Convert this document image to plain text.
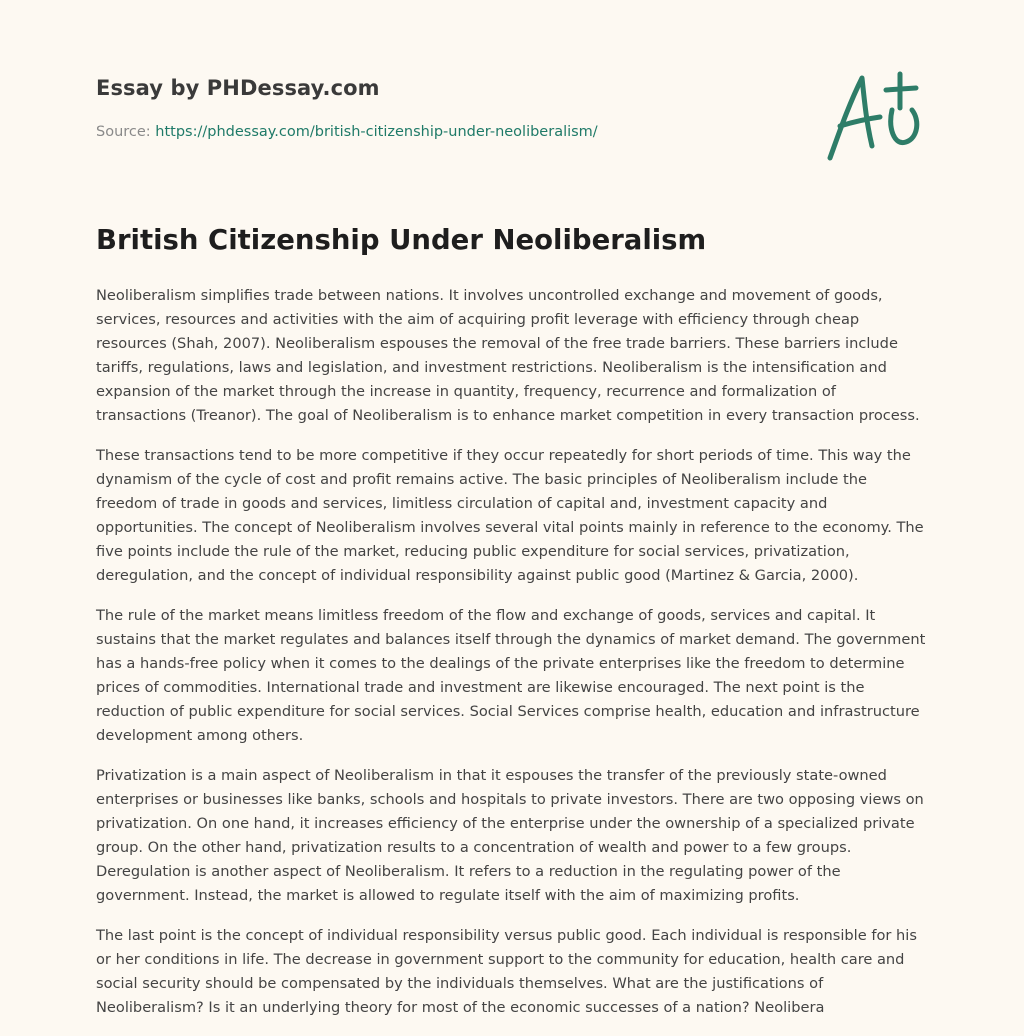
Essay by PHDessay.com
Source: https://phdessay.com/british-citizenship-under-neoliberalism/
British Citizenship Under Neoliberalism

Neoliberalism simplifies trade between nations. It involves uncontrolled exchange and movement of goods, services, resources and activities with the aim of acquiring profit leverage with efficiency through cheap resources (Shah, 2007). Neoliberalism espouses the removal of the free trade barriers. These barriers include tariffs, regulations, laws and legislation, and investment restrictions. Neoliberalism is the intensification and expansion of the market through the increase in quantity, frequency, recurrence and formalization of transactions (Treanor). The goal of Neoliberalism is to enhance market competition in every transaction process.

These transactions tend to be more competitive if they occur repeatedly for short periods of time. This way the dynamism of the cycle of cost and profit remains active. The basic principles of Neoliberalism include the freedom of trade in goods and services, limitless circulation of capital and, investment capacity and opportunities. The concept of Neoliberalism involves several vital points mainly in reference to the economy. The five points include the rule of the market, reducing public expenditure for social services, privatization, deregulation, and the concept of individual responsibility against public good (Martinez & Garcia, 2000).

The rule of the market means limitless freedom of the flow and exchange of goods, services and capital. It sustains that the market regulates and balances itself through the dynamics of market demand. The government has a hands-free policy when it comes to the dealings of the private enterprises like the freedom to determine prices of commodities. International trade and investment are likewise encouraged. The next point is the reduction of public expenditure for social services. Social Services comprise health, education and infrastructure development among others.

Privatization is a main aspect of Neoliberalism in that it espouses the transfer of the previously state-owned enterprises or businesses like banks, schools and hospitals to private investors. There are two opposing views on privatization. On one hand, it increases efficiency of the enterprise under the ownership of a specialized private group. On the other hand, privatization results to a concentration of wealth and power to a few groups. Deregulation is another aspect of Neoliberalism. It refers to a reduction in the regulating power of the government. Instead, the market is allowed to regulate itself with the aim of maximizing profits.

The last point is the concept of individual responsibility versus public good. Each individual is responsible for his or her conditions in life. The decrease in government support to the community for education, health care and social security should be compensated by the individuals themselves. What are the justifications of Neoliberalism? Is it an underlying theory for most of the economic successes of a nation? Neolibera
